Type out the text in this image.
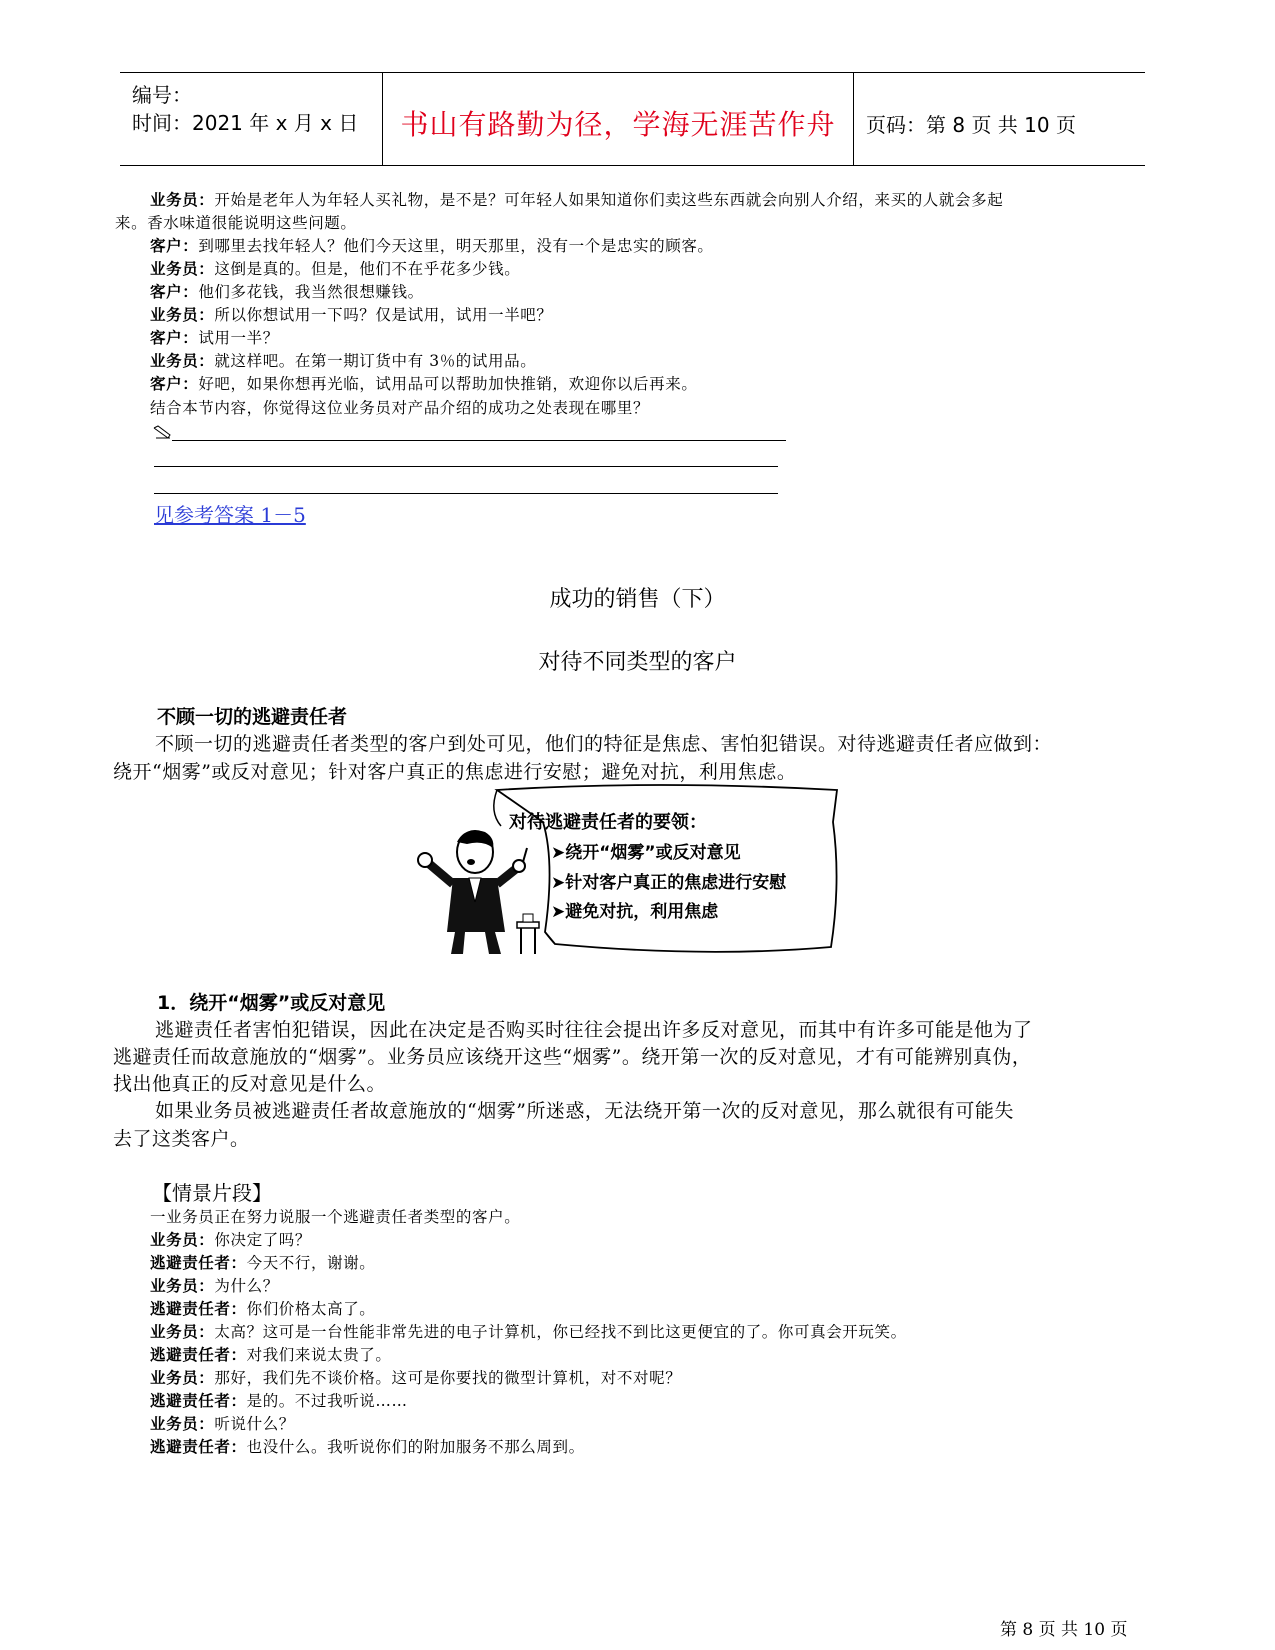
编号：
时间：2021 年 x 月 x 日	书山有路勤为径，学海无涯苦作舟	页码：第 8 页 共 10 页
业务员：开始是老年人为年轻人买礼物，是不是？可年轻人如果知道你们卖这些东西就会向别人介绍，来买的人就会多起
来。香水味道很能说明这些问题。
客户：到哪里去找年轻人？他们今天这里，明天那里，没有一个是忠实的顾客。
业务员：这倒是真的。但是，他们不在乎花多少钱。
客户：他们多花钱，我当然很想赚钱。
业务员：所以你想试用一下吗？仅是试用，试用一半吧？
客户：试用一半？
业务员：就这样吧。在第一期订货中有 3％的试用品。
客户：好吧，如果你想再光临，试用品可以帮助加快推销，欢迎你以后再来。
结合本节内容，你觉得这位业务员对产品介绍的成功之处表现在哪里？
见参考答案 1－5
成功的销售（下）
对待不同类型的客户
不顾一切的逃避责任者
不顾一切的逃避责任者类型的客户到处可见，他们的特征是焦虑、害怕犯错误。对待逃避责任者应做到：
绕开“烟雾”或反对意见；针对客户真正的焦虑进行安慰；避免对抗，利用焦虑。
对待逃避责任者的要领：
➤绕开“烟雾”或反对意见
➤针对客户真正的焦虑进行安慰
➤避免对抗，利用焦虑
1．绕开“烟雾”或反对意见
逃避责任者害怕犯错误，因此在决定是否购买时往往会提出许多反对意见，而其中有许多可能是他为了
逃避责任而故意施放的“烟雾”。业务员应该绕开这些“烟雾”。绕开第一次的反对意见，才有可能辨别真伪，
找出他真正的反对意见是什么。
如果业务员被逃避责任者故意施放的“烟雾”所迷惑，无法绕开第一次的反对意见，那么就很有可能失
去了这类客户。
【情景片段】
一业务员正在努力说服一个逃避责任者类型的客户。
业务员：你决定了吗？
逃避责任者：今天不行，谢谢。
业务员：为什么？
逃避责任者：你们价格太高了。
业务员：太高？这可是一台性能非常先进的电子计算机，你已经找不到比这更便宜的了。你可真会开玩笑。
逃避责任者：对我们来说太贵了。
业务员：那好，我们先不谈价格。这可是你要找的微型计算机，对不对呢？
逃避责任者：是的。不过我听说……
业务员：听说什么？
逃避责任者：也没什么。我听说你们的附加服务不那么周到。
第 8 页 共 10 页
